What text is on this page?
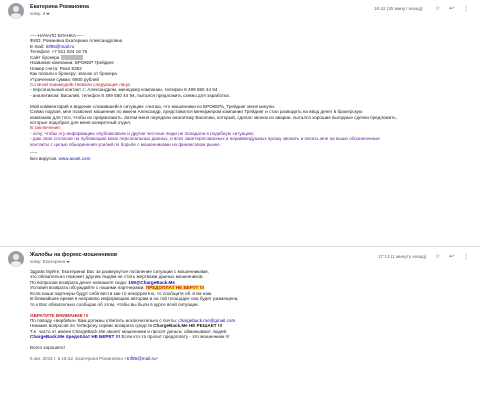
Екатерина Романовна
кому: я
16:42 (35 минут назад) ☆ ↩ ⋮
-----НАЧАЛО БЛАНКА-----
ФИО: Романвна Екатерина Александровна
E-mail: tnf85@mail.ru
Телефон: +7 911 034 18 76
Сайт брокера
Название компании: БРОКЕР Трейдинг
Номер счета: Реал 8382
Как попали к брокеру: звонок от брокера
Утраченная сумма: 6900 рублей
Со мной взаимодействовали следующие лица:
- персональный контакт с: Александром, менеджер компании, телефон 8 499 550 44 94
- аналитиком: Василий, телефон 8 499 550 44 94, пытался предложить схемы для заработка.
Мой комментарий и видение сложившейся ситуации: считаю, что мошенники из БРОКЕРа_Трейдинг меня кинули.
Схема подлая, мне позвонил мошенник по имени Александр, представился менеджером компании Трейдинг и стал разводить на ввод денег в брокерскую
компанию для того, чтобы их приумножить. Затем меня передали аналитику Василию, который, сделал звонок из аварии, пытался хорошие выгодные сделки предложить,
которые подобрал для меня конкретный отдел.
В заключение:
- хочу, чтобы эту информацию опубликовали и другие честные люди не попадали в подобную ситуацию;
- даю свое согласие на публикацию моих персональных данных, и всех заинтересованных и нераввнодушных прошу звонить и писать мне на выше обозначенные
контакты с целью обьединения усилий по борьбе с мошенниками на финансовом рынке.
-----
Без вирусов. www.avast.com
Жалобы на форекс-мошенников
кому: Екатерина
17:13 (1 минуту назад) ☆ ↩ ⋮
Здравствуйте, Екатерина! Вас за разверкутое посвление ситуации с мошенниками,
это обязательно поможет другим людям не стать жертвами данных мошенников.
По вопросам возврата денег напишите сюда: 159@ChargeBack.Me
Условия возврата обсуждайте с нашими партнерами, ПРЕДОПЛАТ НЕ БЕРУТ !!!
Если наши партнеры будут себя вести как-то некорректно, то сообщите об этом нам.
В ближайшее время я направлю информацию авторам и на той площадке она будет размещена,
то к Вас обязательно сообщаю об этом, чтобы вы были в курсе всей ситуации.
ОБРАТИТЕ ВНИМАНИЕ !!!
По поводу «вербИка» Вам должны ответить исключительно с почты: chargeback.me@gmail.com
Никаких вопросов по теЛефону сервис возврата средств ChargeBack.Me НЕ РЕШАЕТ !!!
Т.е. часто от имени ChargeBack.Me звонят мошенники и просят деньги, обманывают людей.
ChargeBack.Me предоплат НЕ БЕРЕТ !!! Если кто-то просит предоплату - это мошенники !!!
Всего хорошего!
5 авг. 2019 г. в 16:42, Екатерина Романовна <tnf85@mail.ru>
